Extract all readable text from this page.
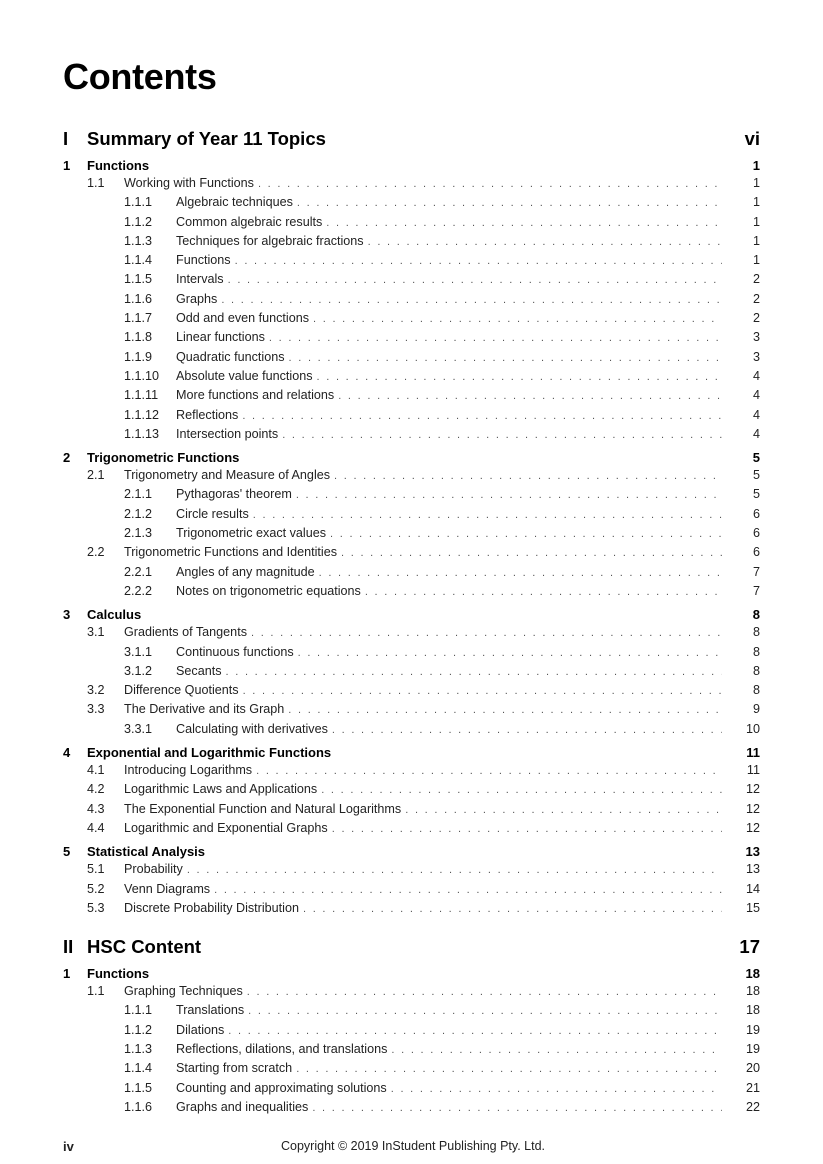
Contents
I	Summary of Year 11 Topics	vi
1	Functions	1
1.1	Working with Functions . . .	1
1.1.1	Algebraic techniques . . .	1
1.1.2	Common algebraic results . . .	1
1.1.3	Techniques for algebraic fractions . . .	1
1.1.4	Functions . . .	1
1.1.5	Intervals . . .	2
1.1.6	Graphs . . .	2
1.1.7	Odd and even functions . . .	2
1.1.8	Linear functions . . .	3
1.1.9	Quadratic functions . . .	3
1.1.10	Absolute value functions . . .	4
1.1.11	More functions and relations . . .	4
1.1.12	Reflections . . .	4
1.1.13	Intersection points . . .	4
2	Trigonometric Functions	5
2.1	Trigonometry and Measure of Angles . . .	5
2.1.1	Pythagoras' theorem . . .	5
2.1.2	Circle results . . .	6
2.1.3	Trigonometric exact values . . .	6
2.2	Trigonometric Functions and Identities . . .	6
2.2.1	Angles of any magnitude . . .	7
2.2.2	Notes on trigonometric equations . . .	7
3	Calculus	8
3.1	Gradients of Tangents . . .	8
3.1.1	Continuous functions . . .	8
3.1.2	Secants . . .	8
3.2	Difference Quotients . . .	8
3.3	The Derivative and its Graph . . .	9
3.3.1	Calculating with derivatives . . .	10
4	Exponential and Logarithmic Functions	11
4.1	Introducing Logarithms . . .	11
4.2	Logarithmic Laws and Applications . . .	12
4.3	The Exponential Function and Natural Logarithms . . .	12
4.4	Logarithmic and Exponential Graphs . . .	12
5	Statistical Analysis	13
5.1	Probability . . .	13
5.2	Venn Diagrams . . .	14
5.3	Discrete Probability Distribution . . .	15
II HSC Content	17
1	Functions	18
1.1	Graphing Techniques . . .	18
1.1.1	Translations . . .	18
1.1.2	Dilations . . .	19
1.1.3	Reflections, dilations, and translations . . .	19
1.1.4	Starting from scratch . . .	20
1.1.5	Counting and approximating solutions . . .	21
1.1.6	Graphs and inequalities . . .	22
iv	Copyright © 2019 InStudent Publishing Pty. Ltd.
